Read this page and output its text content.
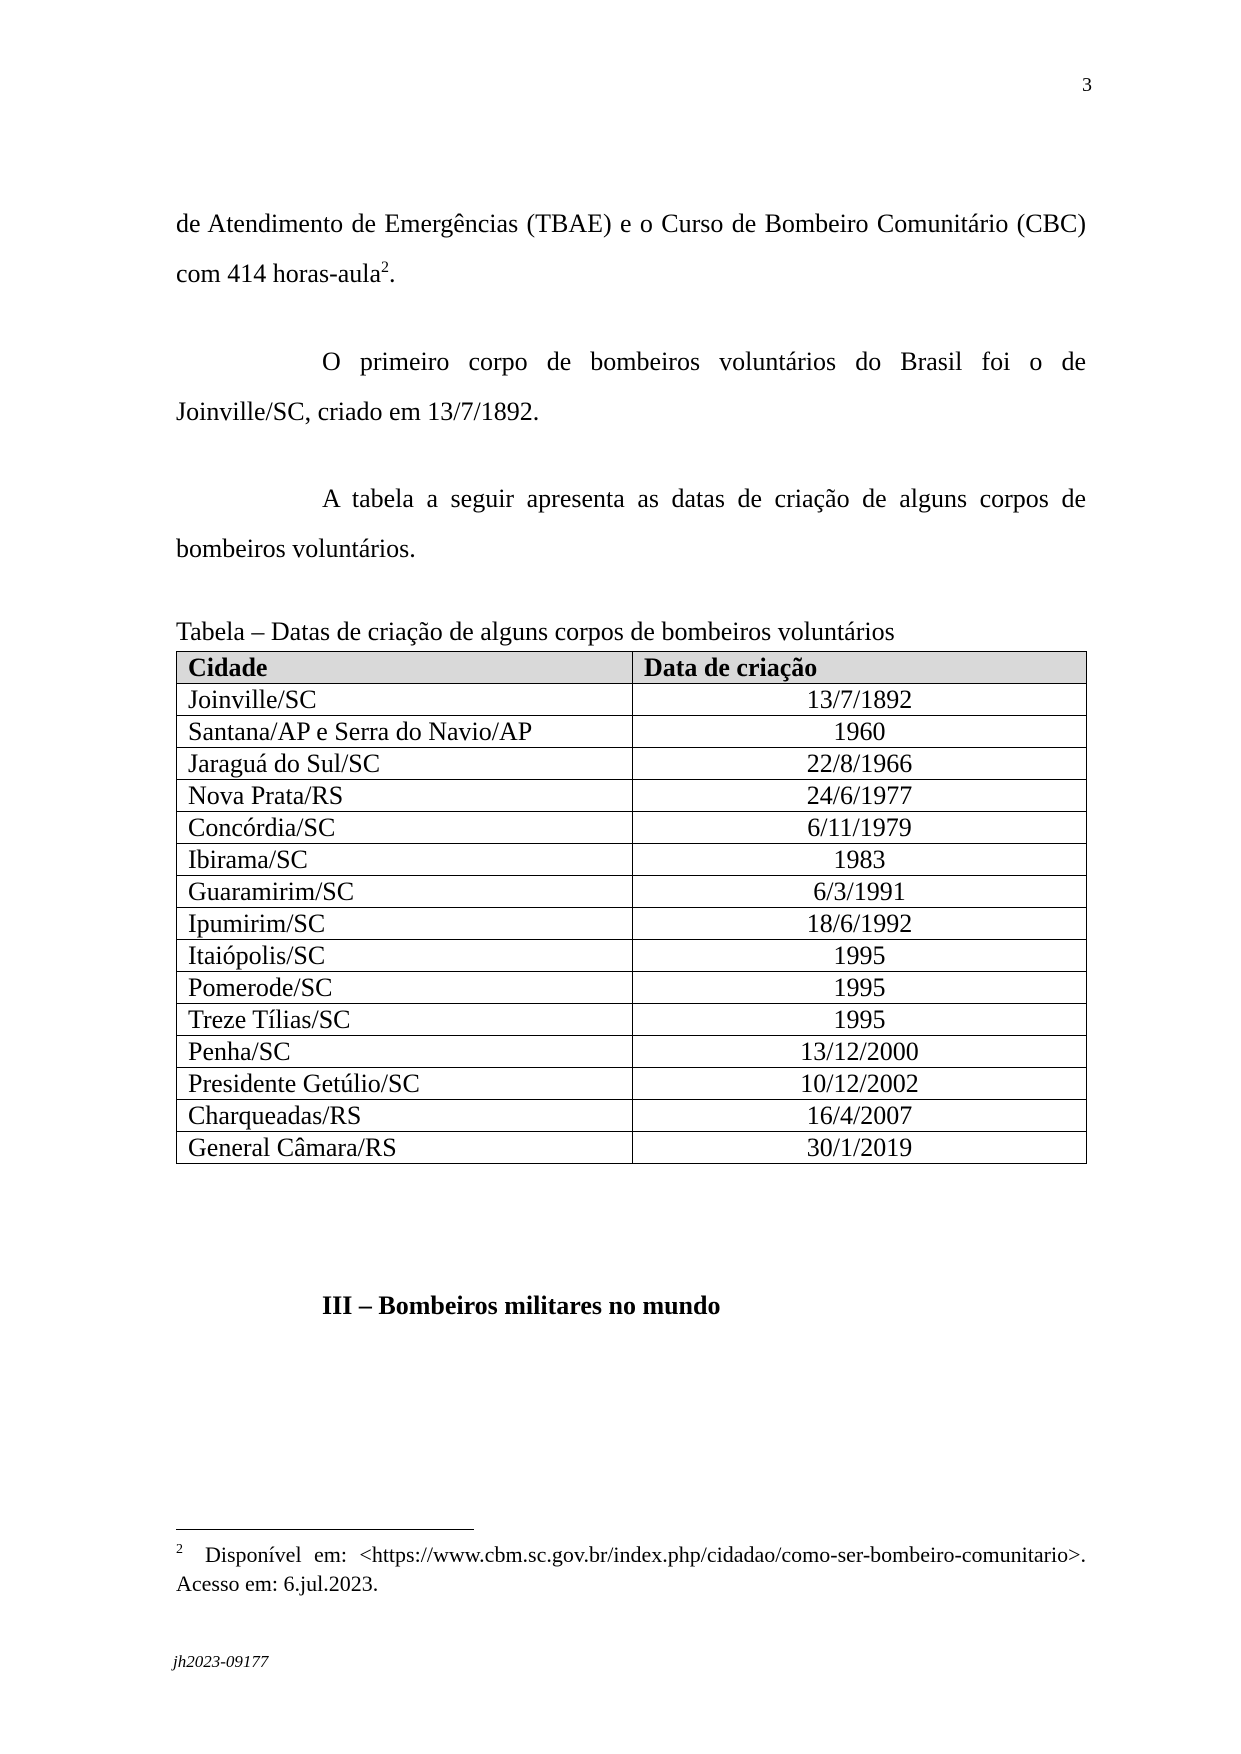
3

de Atendimento de Emergências (TBAE) e o Curso de Bombeiro Comunitário (CBC) com 414 horas-aula$^2$.

O primeiro corpo de bombeiros voluntários do Brasil foi o de Joinville/SC, criado em 13/7/1892.

A tabela a seguir apresenta as datas de criação de alguns corpos de bombeiros voluntários.

Tabela – Datas de criação de alguns corpos de bombeiros voluntários

Cidade	Data de criação
Joinville/SC	13/7/1892
Santana/AP e Serra do Navio/AP	1960
Jaraguá do Sul/SC	22/8/1966
Nova Prata/RS	24/6/1977
Concórdia/SC	6/11/1979
Ibirama/SC	1983
Guaramirim/SC	6/3/1991
Ipumirim/SC	18/6/1992
Itaiópolis/SC	1995
Pomerode/SC	1995
Treze Tílias/SC	1995
Penha/SC	13/12/2000
Presidente Getúlio/SC	10/12/2002
Charqueadas/RS	16/4/2007
General Câmara/RS	30/1/2019
III – Bombeiros militares no mundo

$^2$ Disponível em: <https://www.cbm.sc.gov.br/index.php/cidadao/como-ser-bombeiro-comunitario>. Acesso em: 6.jul.2023.

jh2023-09177
